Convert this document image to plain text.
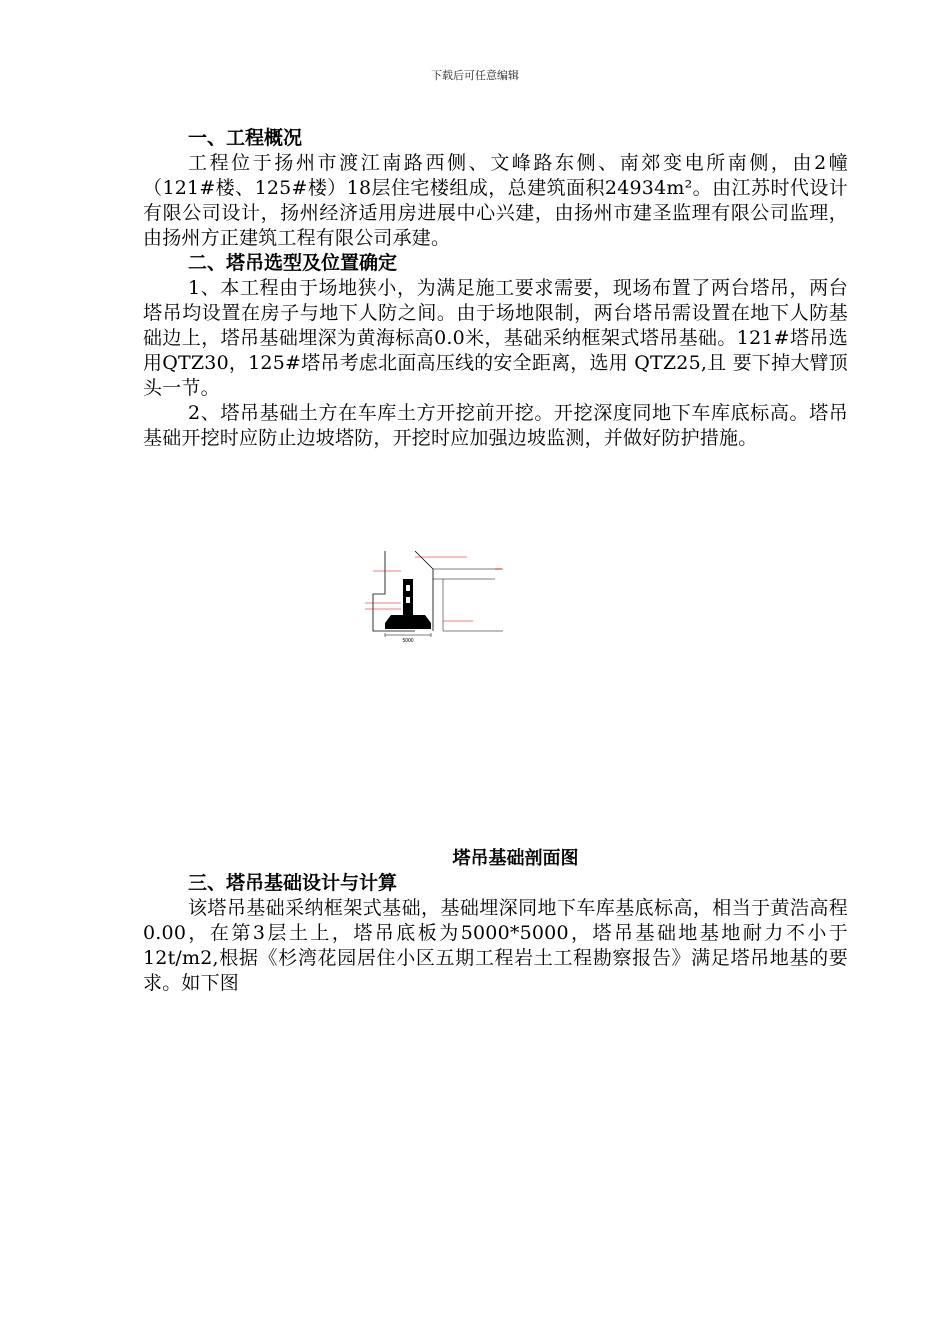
下载后可任意编辑
一、工程概况

工程位于扬州市渡江南路西侧、文峰路东侧、南郊变电所南侧，由2幢（121#楼、125#楼）18层住宅楼组成，总建筑面积24934m²。由江苏时代设计有限公司设计，扬州经济适用房进展中心兴建，由扬州市建圣监理有限公司监理，由扬州方正建筑工程有限公司承建。

二、塔吊选型及位置确定

1、本工程由于场地狭小，为满足施工要求需要，现场布置了两台塔吊，两台塔吊均设置在房子与地下人防之间。由于场地限制，两台塔吊需设置在地下人防基础边上，塔吊基础埋深为黄海标高0.0米，基础采纳框架式塔吊基础。121#塔吊选用QTZ30，125#塔吊考虑北面高压线的安全距离，选用 QTZ25,且 要下掉大臂顶头一节。

2、塔吊基础土方在车库土方开挖前开挖。开挖深度同地下车库底标高。塔吊基础开挖时应防止边坡塔防，开挖时应加强边坡监测，并做好防护措施。

5000
塔吊基础剖面图
三、塔吊基础设计与计算

该塔吊基础采纳框架式基础，基础埋深同地下车库基底标高，相当于黄浩高程0.00，在第3层土上，塔吊底板为5000*5000，塔吊基础地基地耐力不小于12t/m2,根据《杉湾花园居住小区五期工程岩土工程勘察报告》满足塔吊地基的要求。如下图
